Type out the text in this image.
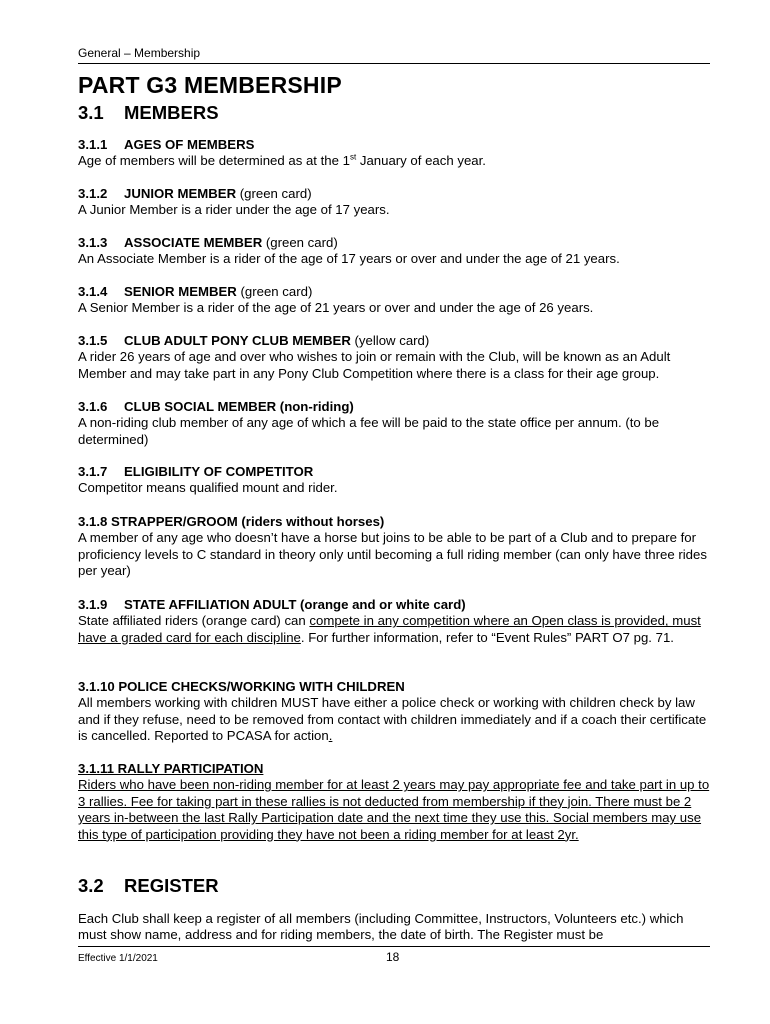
General – Membership
PART G3 MEMBERSHIP
3.1 MEMBERS
3.1.1 AGES OF MEMBERS

Age of members will be determined as at the 1st January of each year.

3.1.2 JUNIOR MEMBER (green card)

A Junior Member is a rider under the age of 17 years.

3.1.3 ASSOCIATE MEMBER (green card)

An Associate Member is a rider of the age of 17 years or over and under the age of 21 years.

3.1.4 SENIOR MEMBER (green card)

A Senior Member is a rider of the age of 21 years or over and under the age of 26 years.

3.1.5 CLUB ADULT PONY CLUB MEMBER (yellow card)

A rider 26 years of age and over who wishes to join or remain with the Club, will be known as an Adult Member and may take part in any Pony Club Competition where there is a class for their age group.

3.1.6 CLUB SOCIAL MEMBER (non-riding)

A non-riding club member of any age of which a fee will be paid to the state office per annum. (to be determined)

3.1.7 ELIGIBILITY OF COMPETITOR

Competitor means qualified mount and rider.

3.1.8 STRAPPER/GROOM (riders without horses)

A member of any age who doesn’t have a horse but joins to be able to be part of a Club and to prepare for proficiency levels to C standard in theory only until becoming a full riding member (can only have three rides per year)

3.1.9 STATE AFFILIATION ADULT (orange and or white card)

State affiliated riders (orange card) can compete in any competition where an Open class is provided, must have a graded card for each discipline. For further information, refer to “Event Rules” PART O7 pg. 71.

3.1.10 POLICE CHECKS/WORKING WITH CHILDREN

All members working with children MUST have either a police check or working with children check by law and if they refuse, need to be removed from contact with children immediately and if a coach their certificate is cancelled. Reported to PCASA for action.

3.1.11 RALLY PARTICIPATION

Riders who have been non-riding member for at least 2 years may pay appropriate fee and take part in up to 3 rallies. Fee for taking part in these rallies is not deducted from membership if they join. There must be 2 years in-between the last Rally Participation date and the next time they use this. Social members may use this type of participation providing they have not been a riding member for at least 2yr.

3.2 REGISTER

Each Club shall keep a register of all members (including Committee, Instructors, Volunteers etc.) which must show name, address and for riding members, the date of birth. The Register must be

Effective 1/1/2021	18
